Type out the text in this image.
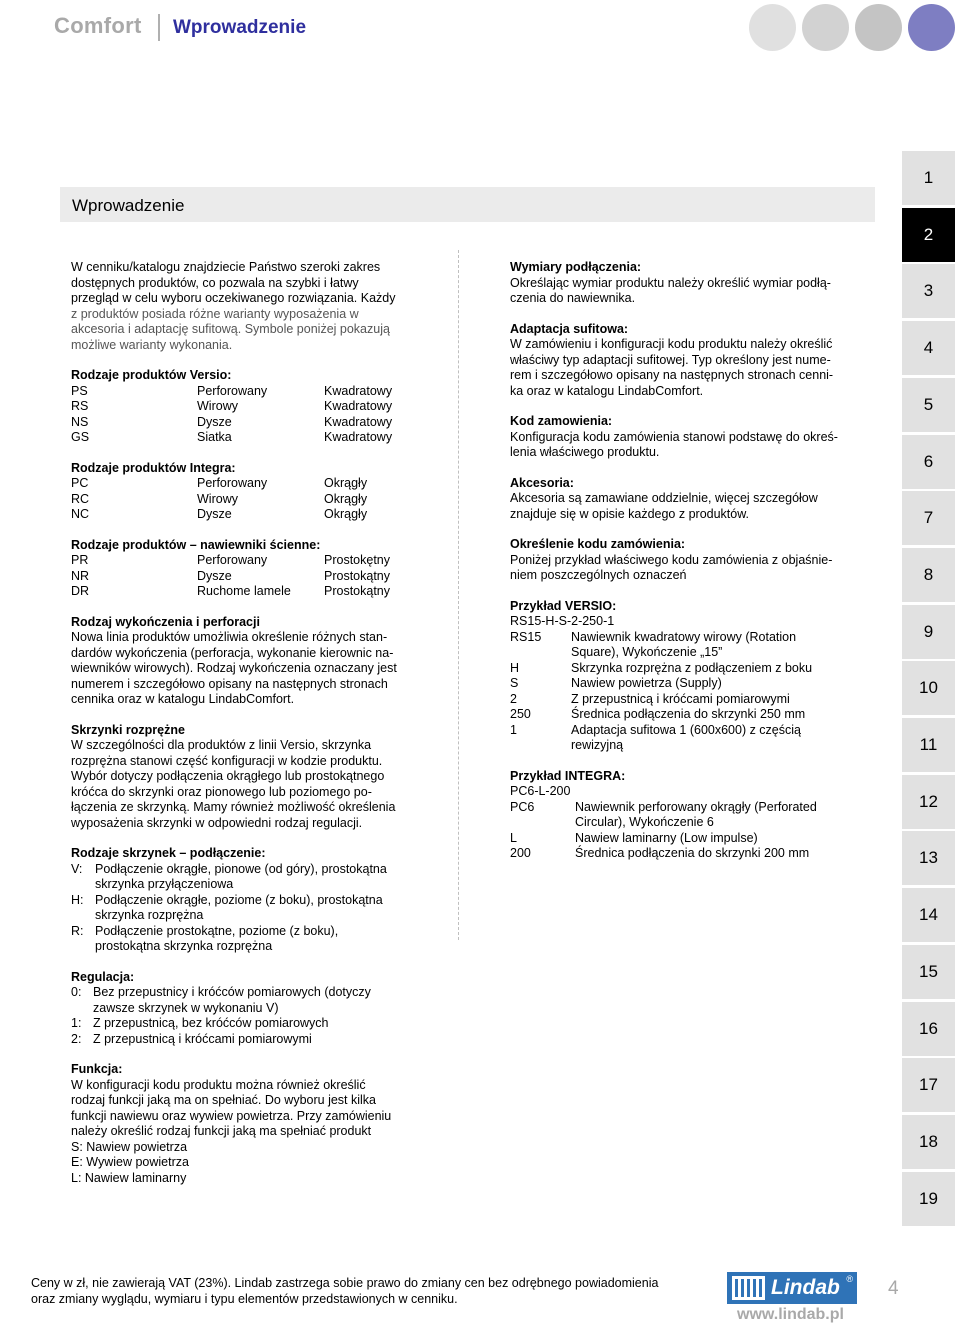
Comfort Wprowadzenie
Wprowadzenie

W cenniku/katalogu znajdziecie Państwo szeroki zakres

dostępnych produktów, co pozwala na szybki i łatwy

przegląd w celu wyboru oczekiwanego rozwiązania. Każdy

z produktów posiada różne warianty wyposażenia w

akcesoria i adaptację sufitową. Symbole poniżej pokazują

możliwe warianty wykonania.

Rodzaje produktów Versio:

PS	Perforowany	Kwadratowy
RS	Wirowy	Kwadratowy
NS	Dysze	Kwadratowy
GS	Siatka	Kwadratowy

Rodzaje produktów Integra:

PC	Perforowany	Okrągły
RC	Wirowy	Okrągły
NC	Dysze	Okrągły

Rodzaje produktów – nawiewniki ścienne:

PR	Perforowany	Prostokętny
NR	Dysze	Prostokątny
DR	Ruchome lamele	Prostokątny

Rodzaj wykończenia i perforacji

Nowa linia produktów umożliwia określenie różnych stan-

dardów wykończenia (perforacja, wykonanie kierownic na-

wiewników wirowych). Rodzaj wykończenia oznaczany jest

numerem i szczegółowo opisany na następnych stronach

cennika oraz w katalogu LindabComfort.

Skrzynki rozprężne

W szczególności dla produktów z linii Versio, skrzynka

rozprężna stanowi część konfiguracji w kodzie produktu.

Wybór dotyczy podłączenia okrągłego lub prostokątnego

króćca do skrzynki oraz pionowego lub poziomego po-

łączenia ze skrzynką. Mamy również możliwość określenia

wyposażenia skrzynki w odpowiedni rodzaj regulacji.

Rodzaje skrzynek – podłączenie:

V: Podłączenie okrągłe, pionowe (od góry), prostokątna
skrzynka przyłączeniowa
H: Podłączenie okrągłe, poziome (z boku), prostokątna
skrzynka rozprężna
R: Podłączenie prostokątne, poziome (z boku),
prostokątna skrzynka rozprężna

Regulacja:

0: Bez przepustnicy i króćców pomiarowych (dotyczy
zawsze skrzynek w wykonaniu V)
1: Z przepustnicą, bez króćców pomiarowych
2: Z przepustnicą i króćcami pomiarowymi

Funkcja:

W konfiguracji kodu produktu można również określić

rodzaj funkcji jaką ma on spełniać. Do wyboru jest kilka

funkcji nawiewu oraz wywiew powietrza. Przy zamówieniu

należy określić rodzaj funkcji jaką ma spełniać produkt

S: Nawiew powietrza

E: Wywiew powietrza

L: Nawiew laminarny

Wymiary podłączenia:

Określając wymiar produktu należy określić wymiar podłą-

czenia do nawiewnika.

Adaptacja sufitowa:

W zamówieniu i konfiguracji kodu produktu należy określić

właściwy typ adaptacji sufitowej. Typ określony jest nume-

rem i szczegółowo opisany na następnych stronach cenni-

ka oraz w katalogu LindabComfort.

Kod zamowienia:

Konfiguracja kodu zamówienia stanowi podstawę do okreś-

lenia właściwego produktu.

Akcesoria:

Akcesoria są zamawiane oddzielnie, więcej szczegółow

znajduje się w opisie każdego z produktów.

Określenie kodu zamówienia:

Poniżej przykład właściwego kodu zamówienia z objaśnie-

niem poszczególnych oznaczeń

Przykład VERSIO:

RS15-H-S-2-250-1

RS15 Nawiewnik kwadratowy wirowy (Rotation
Square), Wykończenie „15”
H	Skrzynka rozprężna z podłączeniem z boku
S	Nawiew powietrza (Supply)
2	Z przepustnicą i króćcami pomiarowymi
250	Średnica podłączenia do skrzynki 250 mm
1	Adaptacja sufitowa 1 (600x600) z częścią
rewizyjną

Przykład INTEGRA:

PC6-L-200

PC6	Nawiewnik perforowany okrągły (Perforated
Circular), Wykończenie 6
L	Nawiew laminarny (Low impulse)
200	Średnica podłączenia do skrzynki 200 mm
1
2
3
4
5
6
7
8
9
10
11
12
13
14
15
16
17
18
19
Ceny w zł, nie zawierają VAT (23%). Lindab zastrzega sobie prawo do zmiany cen bez odrębnego powiadomienia
oraz zmiany wyglądu, wymiaru i typu elementów przedstawionych w cenniku.	Lindab ®
www.lindab.pl
4
